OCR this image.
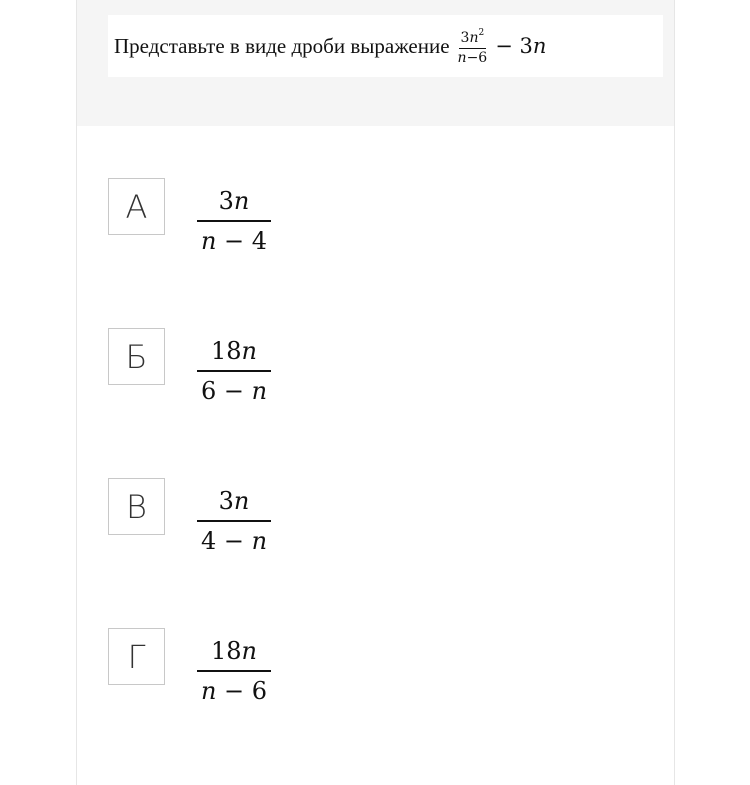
Представьте в виде дроби выражение $\frac{3n^2}{n-6} - 3n$
А	$\frac{3n}{n - 4}$
Б	$\frac{18n}{6 - n}$
В	$\frac{3n}{4 - n}$
Г	$\frac{18n}{n - 6}$
